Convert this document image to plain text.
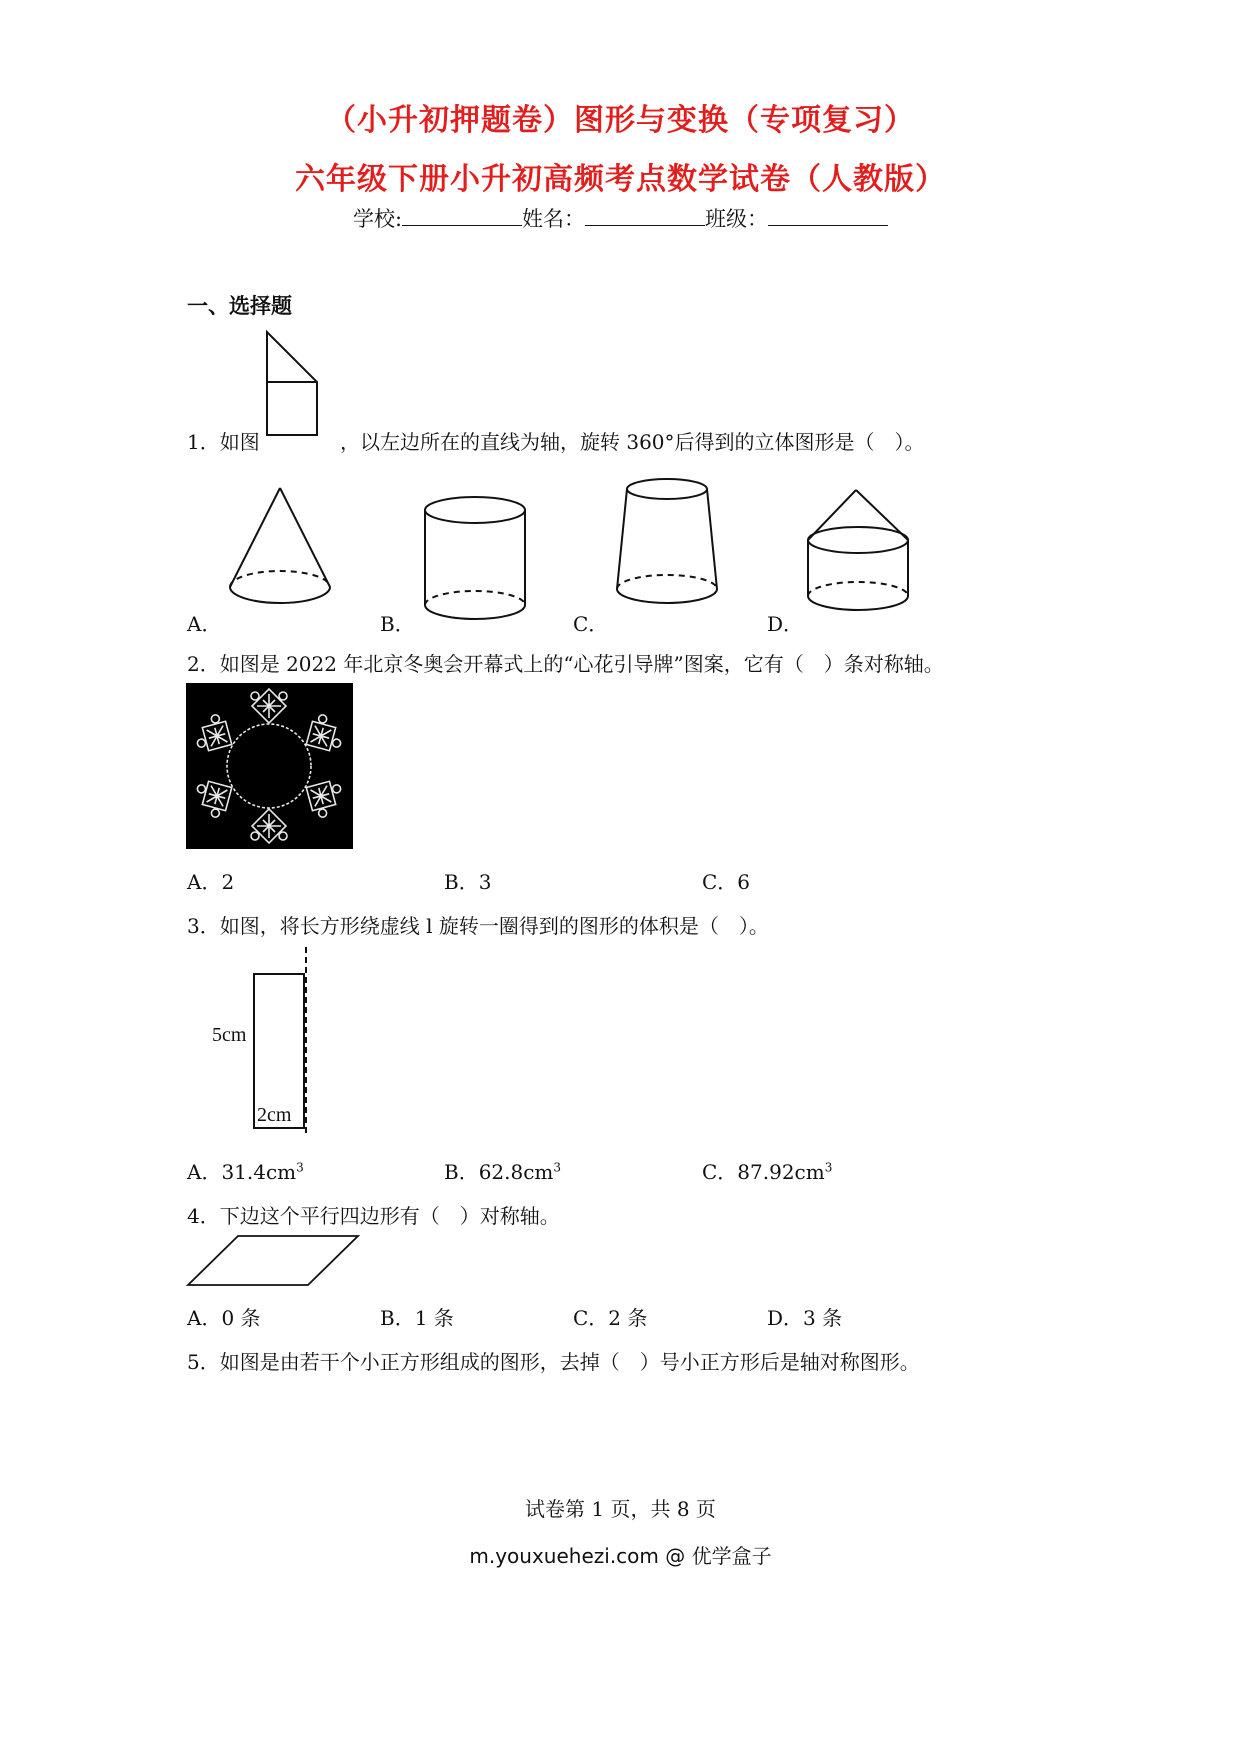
（小升初押题卷）图形与变换（专项复习）
六年级下册小升初高频考点数学试卷（人教版）
学校:	姓名：	班级：
一、选择题
1．如图	，以左边所在的直线为轴，旋转 360°后得到的立体图形是（　）。
A．	B．	C．	D．
2．如图是 2022 年北京冬奥会开幕式上的“心花引导牌”图案，它有（　）条对称轴。
A．2	B．3	C．6
3．如图，将长方形绕虚线 l 旋转一圈得到的图形的体积是（　）。
5cm
2cm
A．$31.4cm^3$	B．$62.8cm^3$	C．$87.92cm^3$
4．下边这个平行四边形有（　）对称轴。
A．0 条	B．1 条	C．2 条	D．3 条
5．如图是由若干个小正方形组成的图形，去掉（　）号小正方形后是轴对称图形。
试卷第 1 页，共 8 页
m.youxuehezi.com @ 优学盒子
